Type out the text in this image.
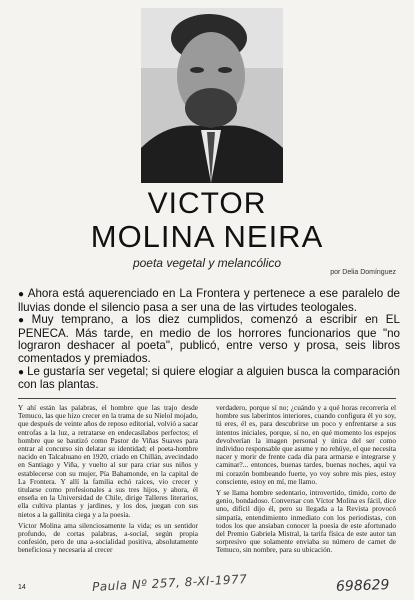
VICTOR
MOLINA NEIRA
poeta vegetal y melancólico
por Delia Domínguez

● Ahora está aquerenciado en La Frontera y pertenece a ese paralelo de lluvias donde el silencio pasa a ser una de las virtudes teologales.

● Muy temprano, a los diez cumplidos, comenzó a escribir en EL PENECA. Más tarde, en medio de los horrores funcionarios que "no lograron deshacer al poeta", publicó, entre verso y prosa, seis libros comentados y premiados.

● Le gustaría ser vegetal; si quiere elogiar a alguien busca la comparación con las plantas.

Y ahí están las palabras, el hombre que las trajo desde Temuco, las que hizo crecer en la trama de su Nielol mojado, que después de veinte años de reposo editorial, volvió a sacar entrofas a la luz, a retratarse en endecasílabos perfectos; el hombre que se bautizó como Pastor de Viñas Suaves para entrar al concurso sin delatar su identidad; el poeta-hombre nacido en Talcahuano en 1920, criado en Chillán, avecindado en Santiago y Viña, y vuelto al sur para criar sus niños y establecerse con su mujer, Pía Bahamonde, en la capital de La Frontera. Y allí la familia echó raíces, vio crecer y titularse como profesionales a sus tres hijos, y ahora, él enseña en la Universidad de Chile, dirige Talleres literarios, ella cultiva plantas y jardines, y los dos, juegan con sus nietos a la gallinita ciega y a la poesía.

Víctor Molina ama silenciosamente la vida; es un sentidor profundo, de cortas palabras, a-social, según propia confesión, pero de una a-socialidad positiva, absolutamente beneficiosa y necesaria al crecer

verdadero, porque sí no; ¿cuándo y a qué horas recorrería el hombre sus laberintos interiores, cuando configura él yo soy, tú eres, él es, para descubrirse un poco y enfrentarse a sus intentos iniciales, porque, sí no, en qué momento los espejos devolverían la imagen personal y única del ser como individuo responsable que asume y no rehúye, el que necesita nacer y morir de frente cada día para armarse e integrarse y caminar?... entonces, buenas tardes, buenas noches, aquí va mi corazón bombeando fuerte, yo voy sobre mis pies, estoy consciente, estoy en mí, me llamo.

Y se llama hombre sedentario, introvertido, tímido, corto de genio, bondadoso. Conversar con Víctor Molina es fácil, dice uno, difícil dijo él, pero su llegada a la Revista provocó simpatía, entendimiento inmediato con los periodistas, con todos los que ansiaban conocer la poesía de este afortunado del Premio Gabriela Mistral, la tarifa física de este autor tan sorpresivo que solamente enviaba su número de carnet de Temuco, sin nombre, para su ubicación.

14	Paula Nº 257, 8-XI-1977	698629
